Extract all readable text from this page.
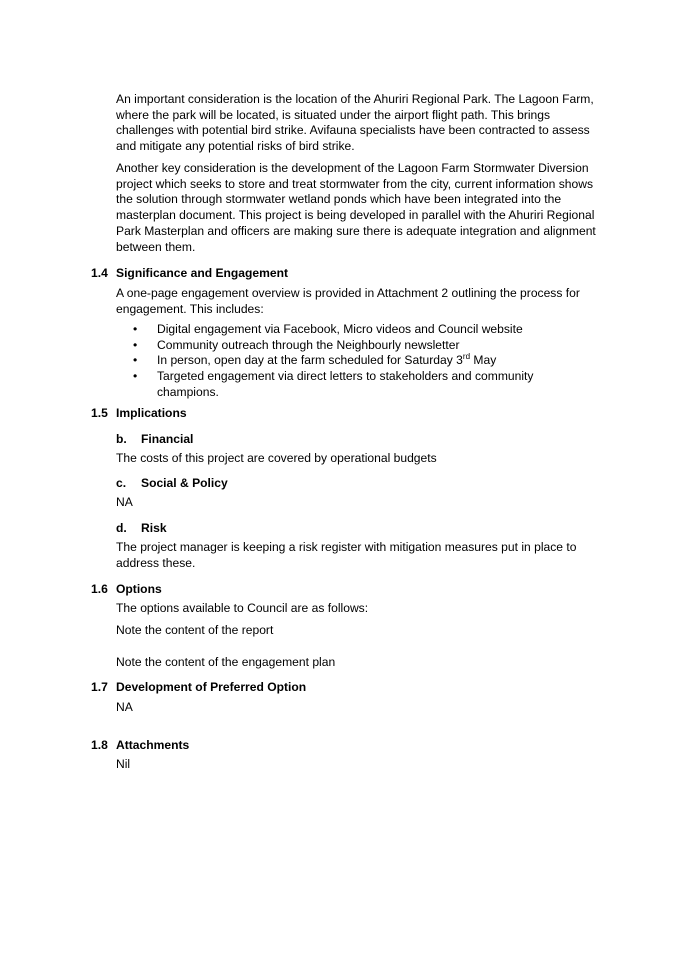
An important consideration is the location of the Ahuriri Regional Park. The Lagoon Farm, where the park will be located, is situated under the airport flight path. This brings challenges with potential bird strike. Avifauna specialists have been contracted to assess and mitigate any potential risks of bird strike.

Another key consideration is the development of the Lagoon Farm Stormwater Diversion project which seeks to store and treat stormwater from the city, current information shows the solution through stormwater wetland ponds which have been integrated into the masterplan document. This project is being developed in parallel with the Ahuriri Regional Park Masterplan and officers are making sure there is adequate integration and alignment between them.

1.4 Significance and Engagement

A one-page engagement overview is provided in Attachment 2 outlining the process for engagement. This includes:

• Digital engagement via Facebook, Micro videos and Council website
• Community outreach through the Neighbourly newsletter
• In person, open day at the farm scheduled for Saturday 3rd May
• Targeted engagement via direct letters to stakeholders and community champions.
1.5 Implications
b. Financial

The costs of this project are covered by operational budgets

c. Social & Policy

NA

d. Risk

The project manager is keeping a risk register with mitigation measures put in place to address these.

1.6 Options

The options available to Council are as follows:

Note the content of the report

Note the content of the engagement plan

1.7 Development of Preferred Option

NA

1.8 Attachments

Nil
